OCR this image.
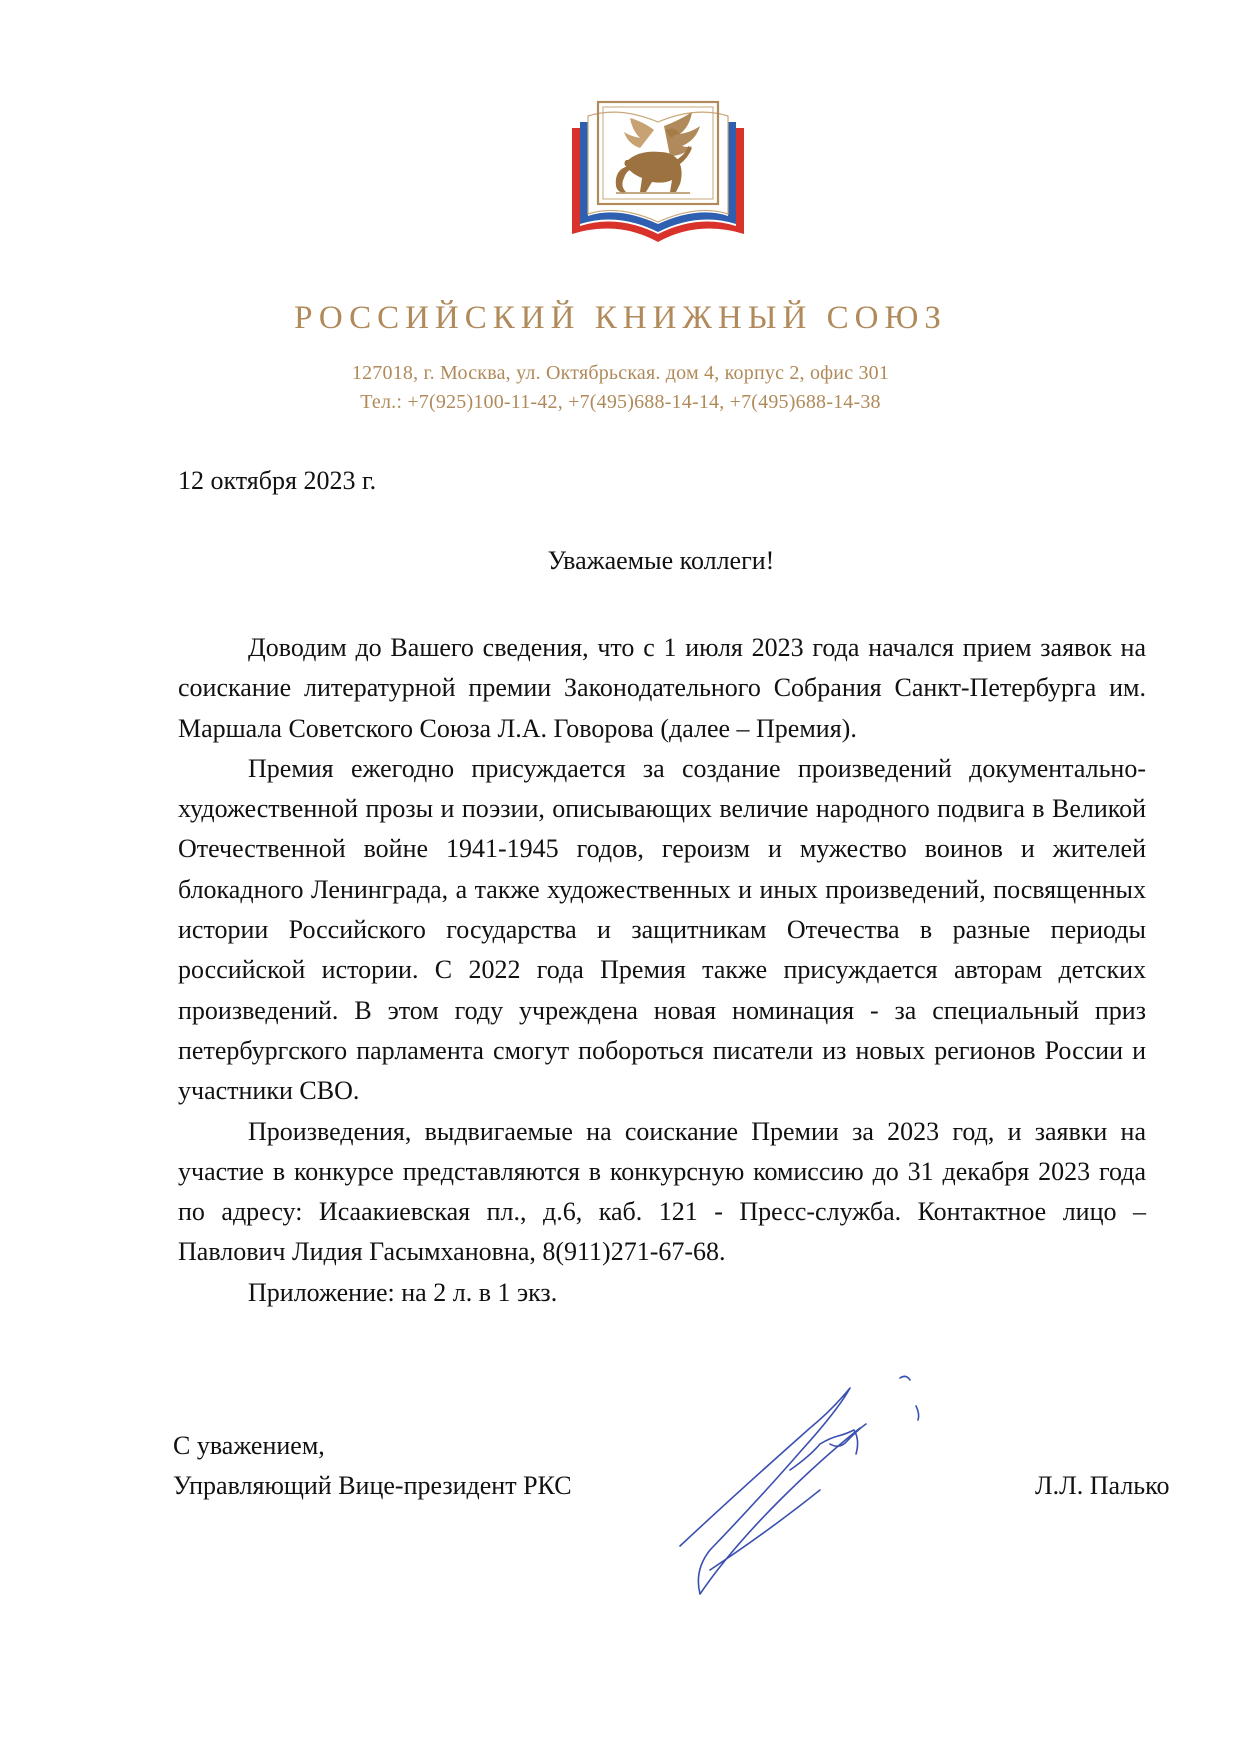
РОССИЙСКИЙ КНИЖНЫЙ СОЮЗ
127018, г. Москва, ул. Октябрьская. дом 4, корпус 2, офис 301
Тел.: +7(925)100-11-42, +7(495)688-14-14, +7(495)688-14-38
12 октября 2023 г.
Уважаемые коллеги!

Доводим до Вашего сведения, что с 1 июля 2023 года начался прием заявок на соискание литературной премии Законодательного Собрания Санкт-Петербурга им. Маршала Советского Союза Л.А. Говорова (далее – Премия).

Премия ежегодно присуждается за создание произведений документально-художественной прозы и поэзии, описывающих величие народного подвига в Великой Отечественной войне 1941-1945 годов, героизм и мужество воинов и жителей блокадного Ленинграда, а также художественных и иных произведений, посвященных истории Российского государства и защитникам Отечества в разные периоды российской истории. С 2022 года Премия также присуждается авторам детских произведений. В этом году учреждена новая номинация - за специальный приз петербургского парламента смогут побороться писатели из новых регионов России и участники СВО.

Произведения, выдвигаемые на соискание Премии за 2023 год, и заявки на участие в конкурсе представляются в конкурсную комиссию до 31 декабря 2023 года по адресу: Исаакиевская пл., д.6, каб. 121 - Пресс-служба. Контактное лицо – Павлович Лидия Гасымхановна, 8(911)271-67-68.

Приложение: на 2 л. в 1 экз.

С уважением,
Управляющий Вице-президент РКС	Л.Л. Палько
